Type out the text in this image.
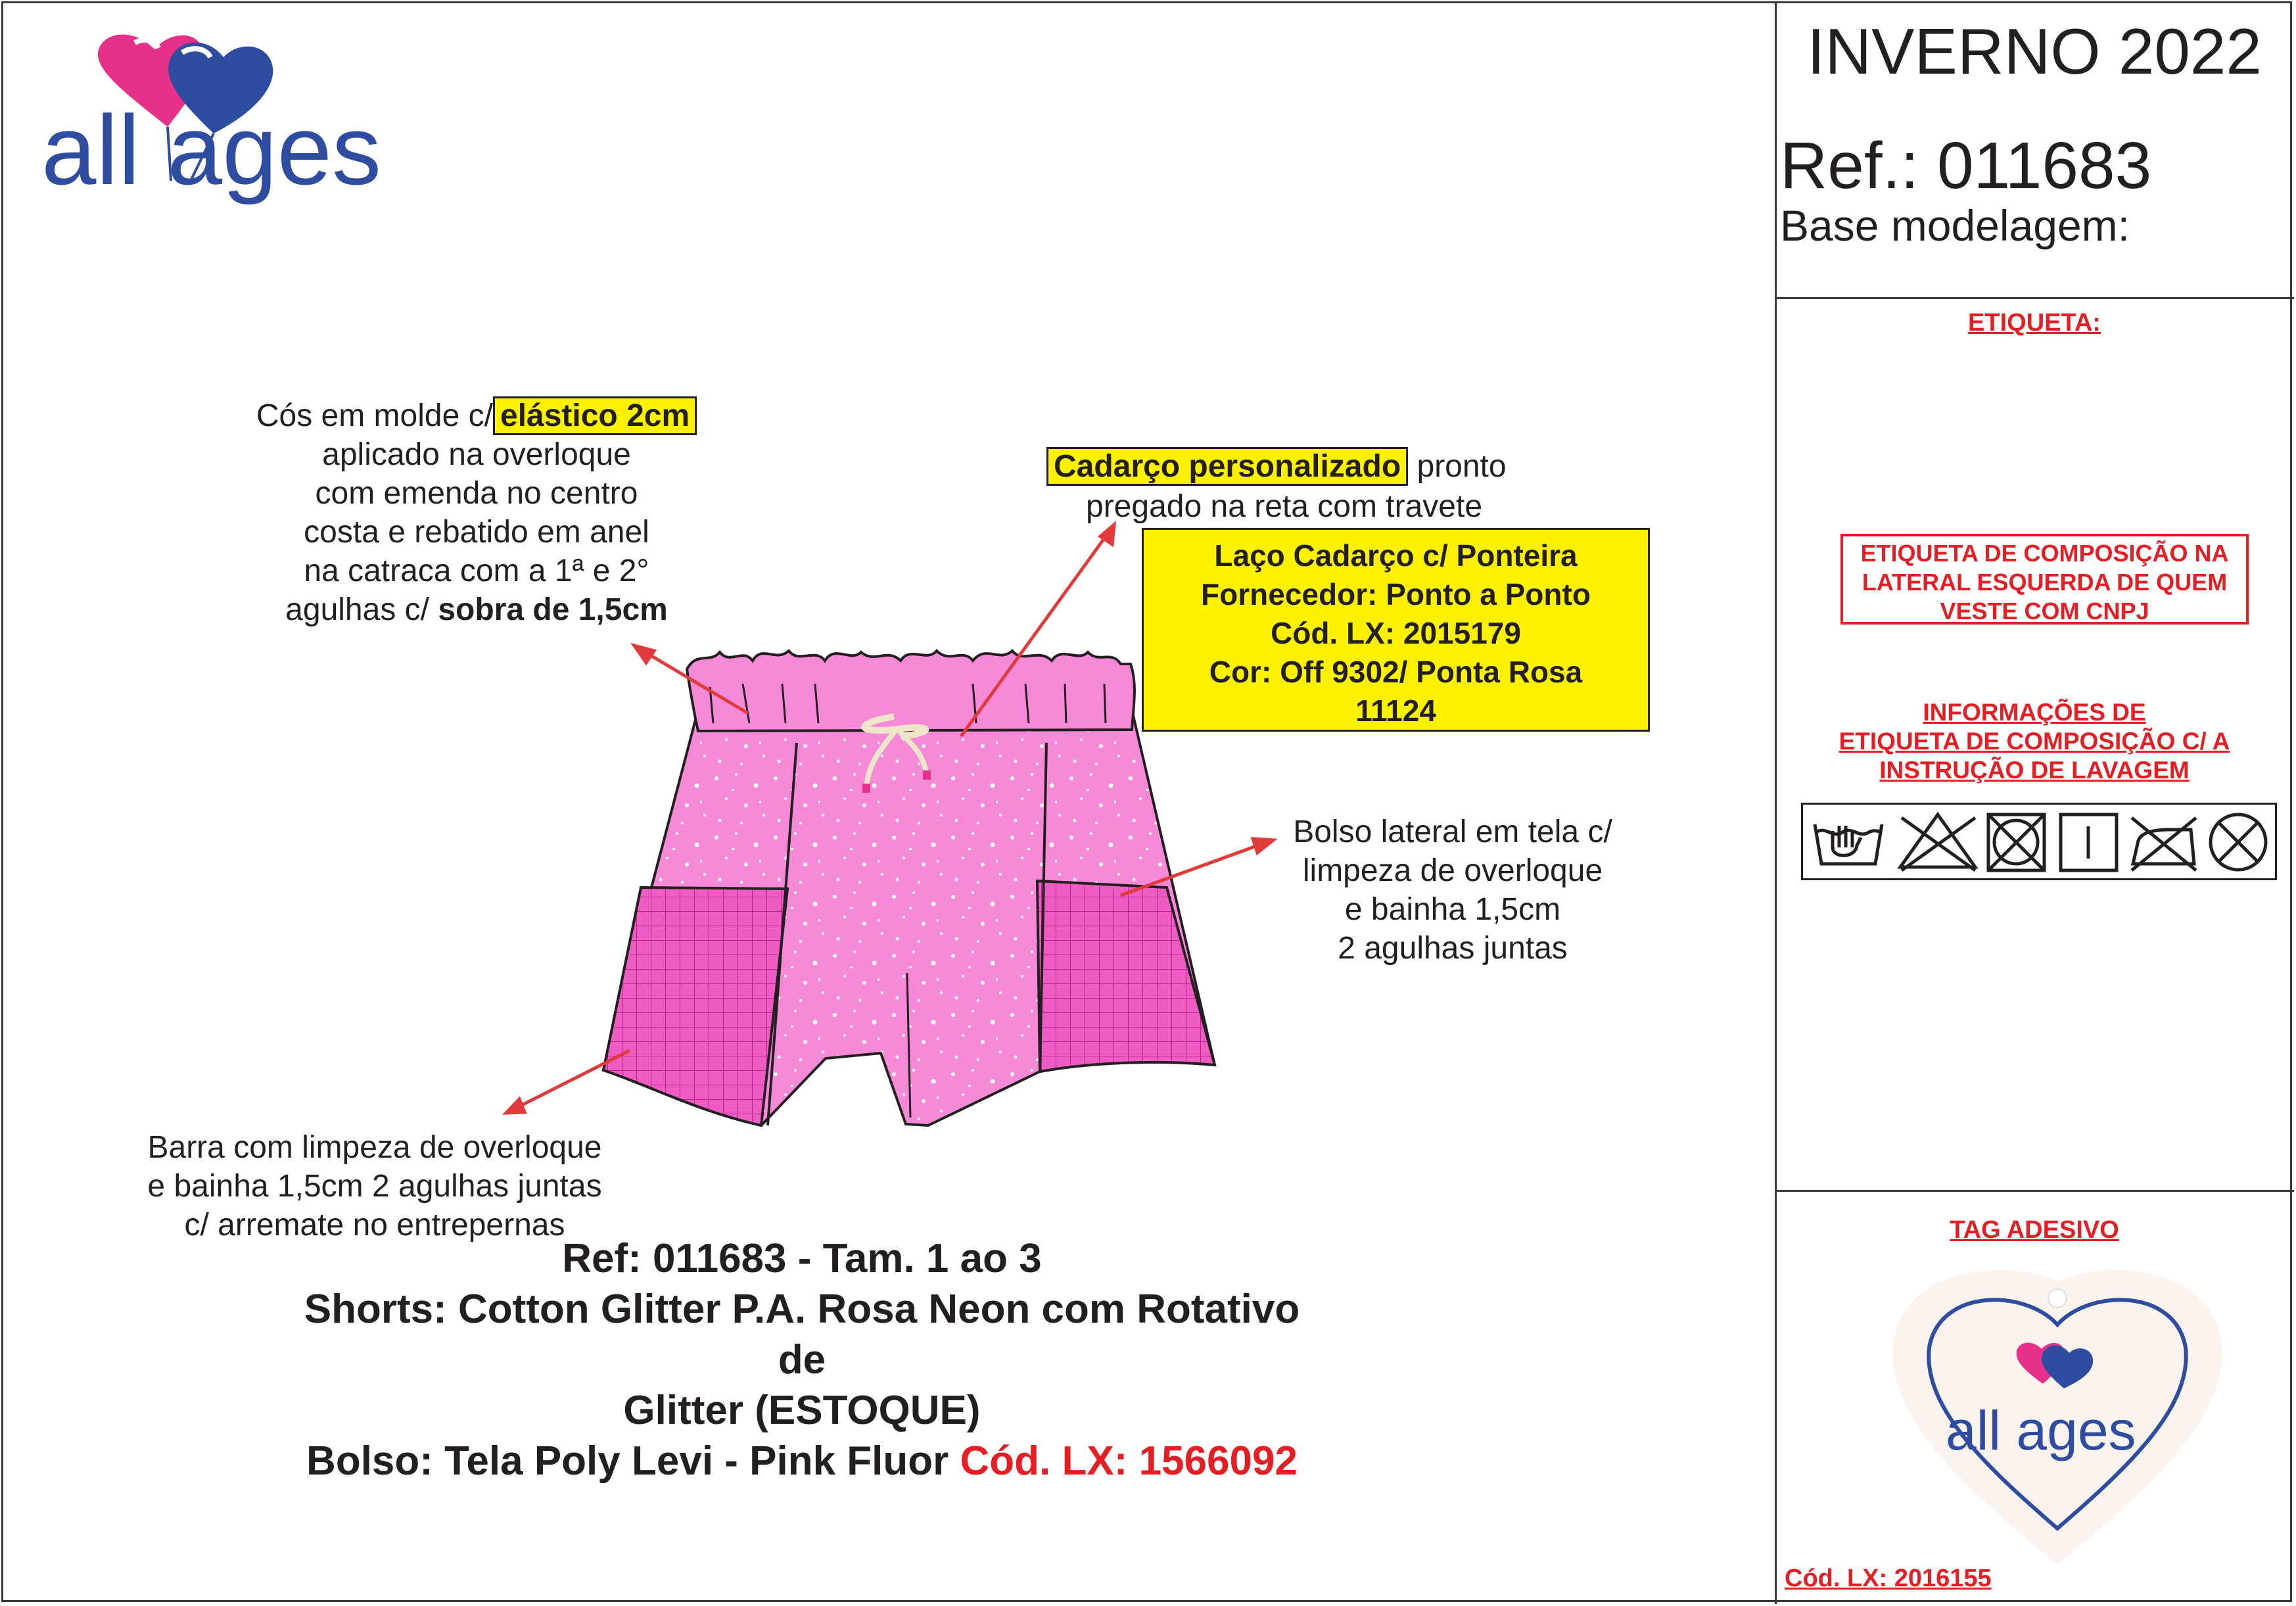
all ages
INVERNO 2022
Ref.: 011683
Base modelagem:
ETIQUETA:
ETIQUETA DE COMPOSIÇÃO NA
LATERAL ESQUERDA DE QUEM
VESTE COM CNPJ
INFORMAÇÕES DE
ETIQUETA DE COMPOSIÇÃO C/ A
INSTRUÇÃO DE LAVAGEM
TAG ADESIVO
all ages
Cód. LX: 2016155
Cós em molde c/ elástico 2cm
aplicado na overloque
com emenda no centro
costa e rebatido em anel
na catraca com a 1ª e 2°
agulhas c/ sobra de 1,5cm
Cadarço personalizado pronto
pregado na reta com travete
Laço Cadarço c/ Ponteira
Fornecedor: Ponto a Ponto
Cód. LX: 2015179
Cor: Off 9302/ Ponta Rosa
11124
Bolso lateral em tela c/
limpeza de overloque
e bainha 1,5cm
2 agulhas juntas
Barra com limpeza de overloque
e bainha 1,5cm 2 agulhas juntas
c/ arremate no entrepernas
Ref: 011683 - Tam. 1 ao 3
Shorts: Cotton Glitter P.A. Rosa Neon com Rotativo de
Glitter (ESTOQUE)
Bolso: Tela Poly Levi - Pink Fluor Cód. LX: 1566092
